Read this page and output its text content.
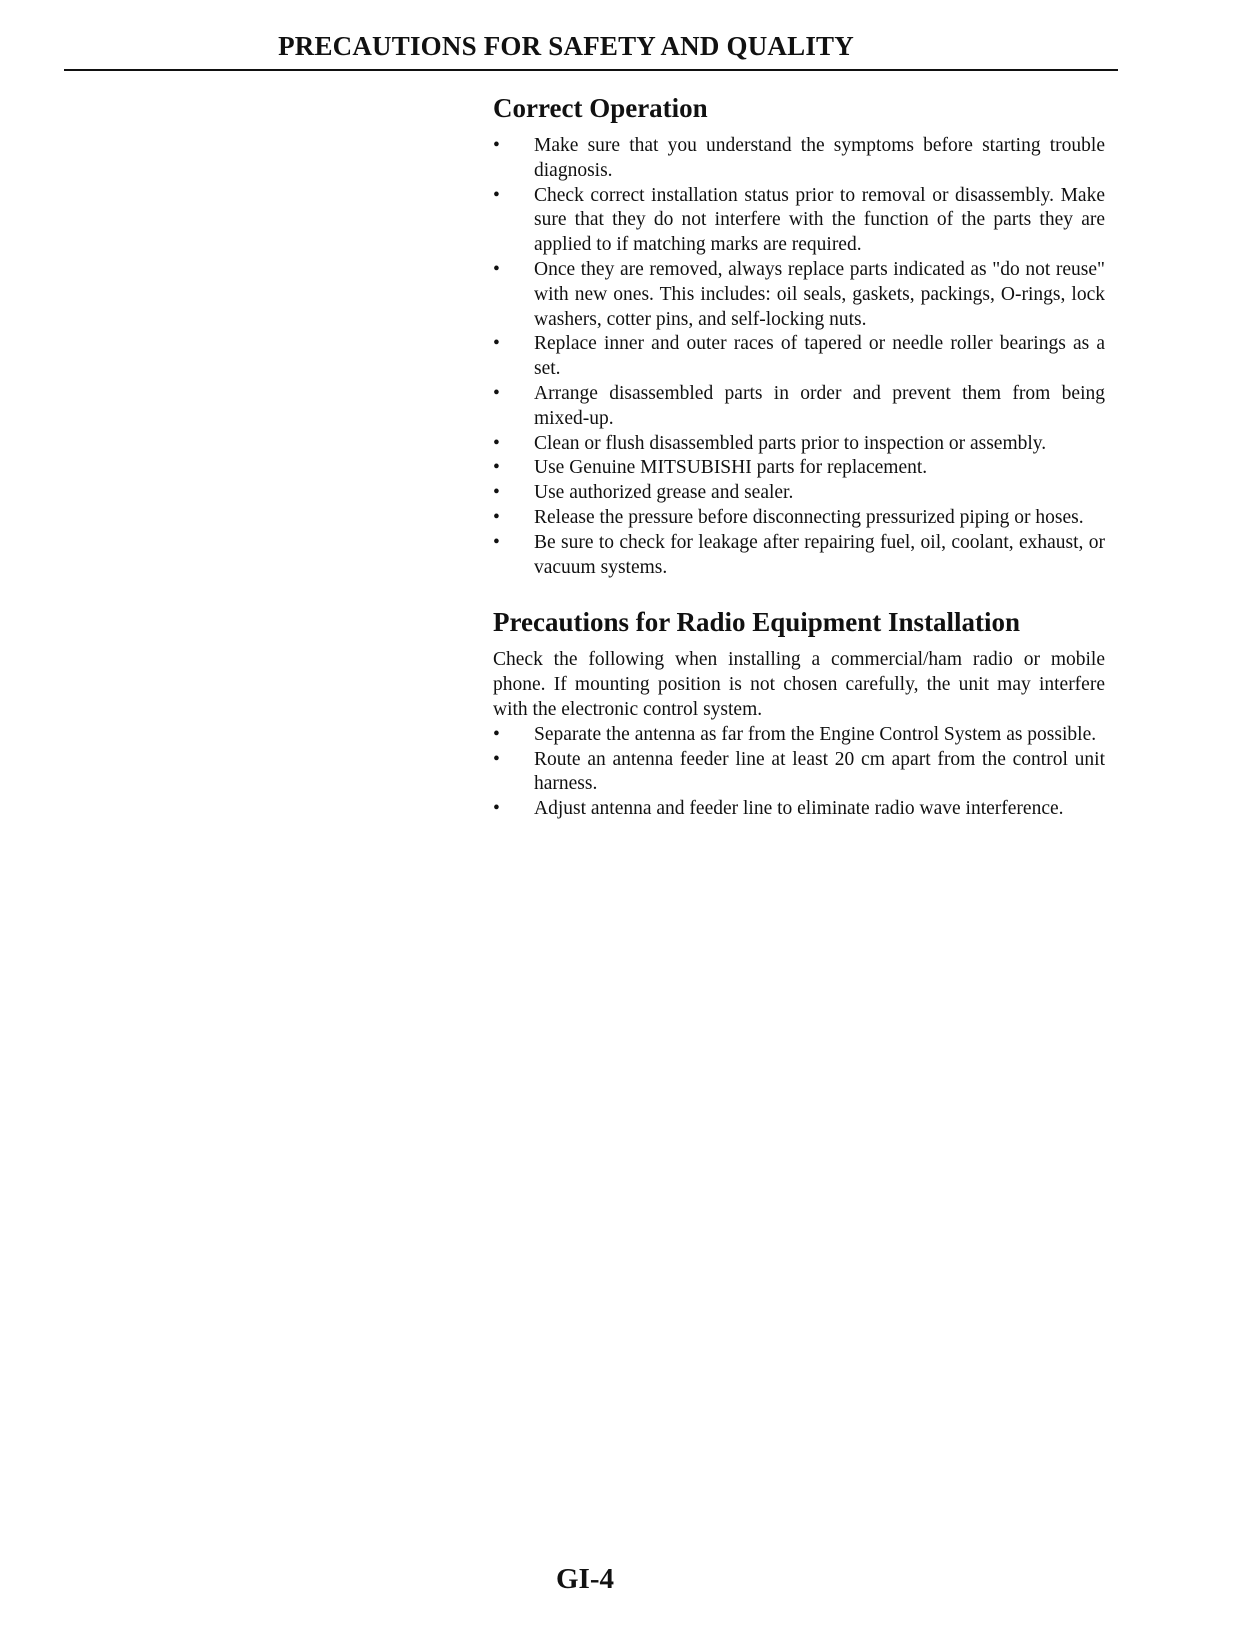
PRECAUTIONS FOR SAFETY AND QUALITY
Correct Operation
• Make sure that you understand the symptoms before starting trouble diagnosis.
• Check correct installation status prior to removal or disassembly. Make sure that they do not interfere with the function of the parts they are applied to if matching marks are required.
• Once they are removed, always replace parts indicated as "do not reuse" with new ones. This includes: oil seals, gaskets, packings, O-rings, lock washers, cotter pins, and self-locking nuts.
• Replace inner and outer races of tapered or needle roller bearings as a set.
• Arrange disassembled parts in order and prevent them from being mixed-up.
• Clean or flush disassembled parts prior to inspection or assembly.
• Use Genuine MITSUBISHI parts for replacement.
• Use authorized grease and sealer.
• Release the pressure before disconnecting pressurized piping or hoses.
• Be sure to check for leakage after repairing fuel, oil, coolant, exhaust, or vacuum systems.
Precautions for Radio Equipment Installation

Check the following when installing a commercial/ham radio or mobile phone. If mounting position is not chosen carefully, the unit may interfere with the electronic control system.

• Separate the antenna as far from the Engine Control System as possible.
• Route an antenna feeder line at least 20 cm apart from the control unit harness.
• Adjust antenna and feeder line to eliminate radio wave interference.
GI-4
